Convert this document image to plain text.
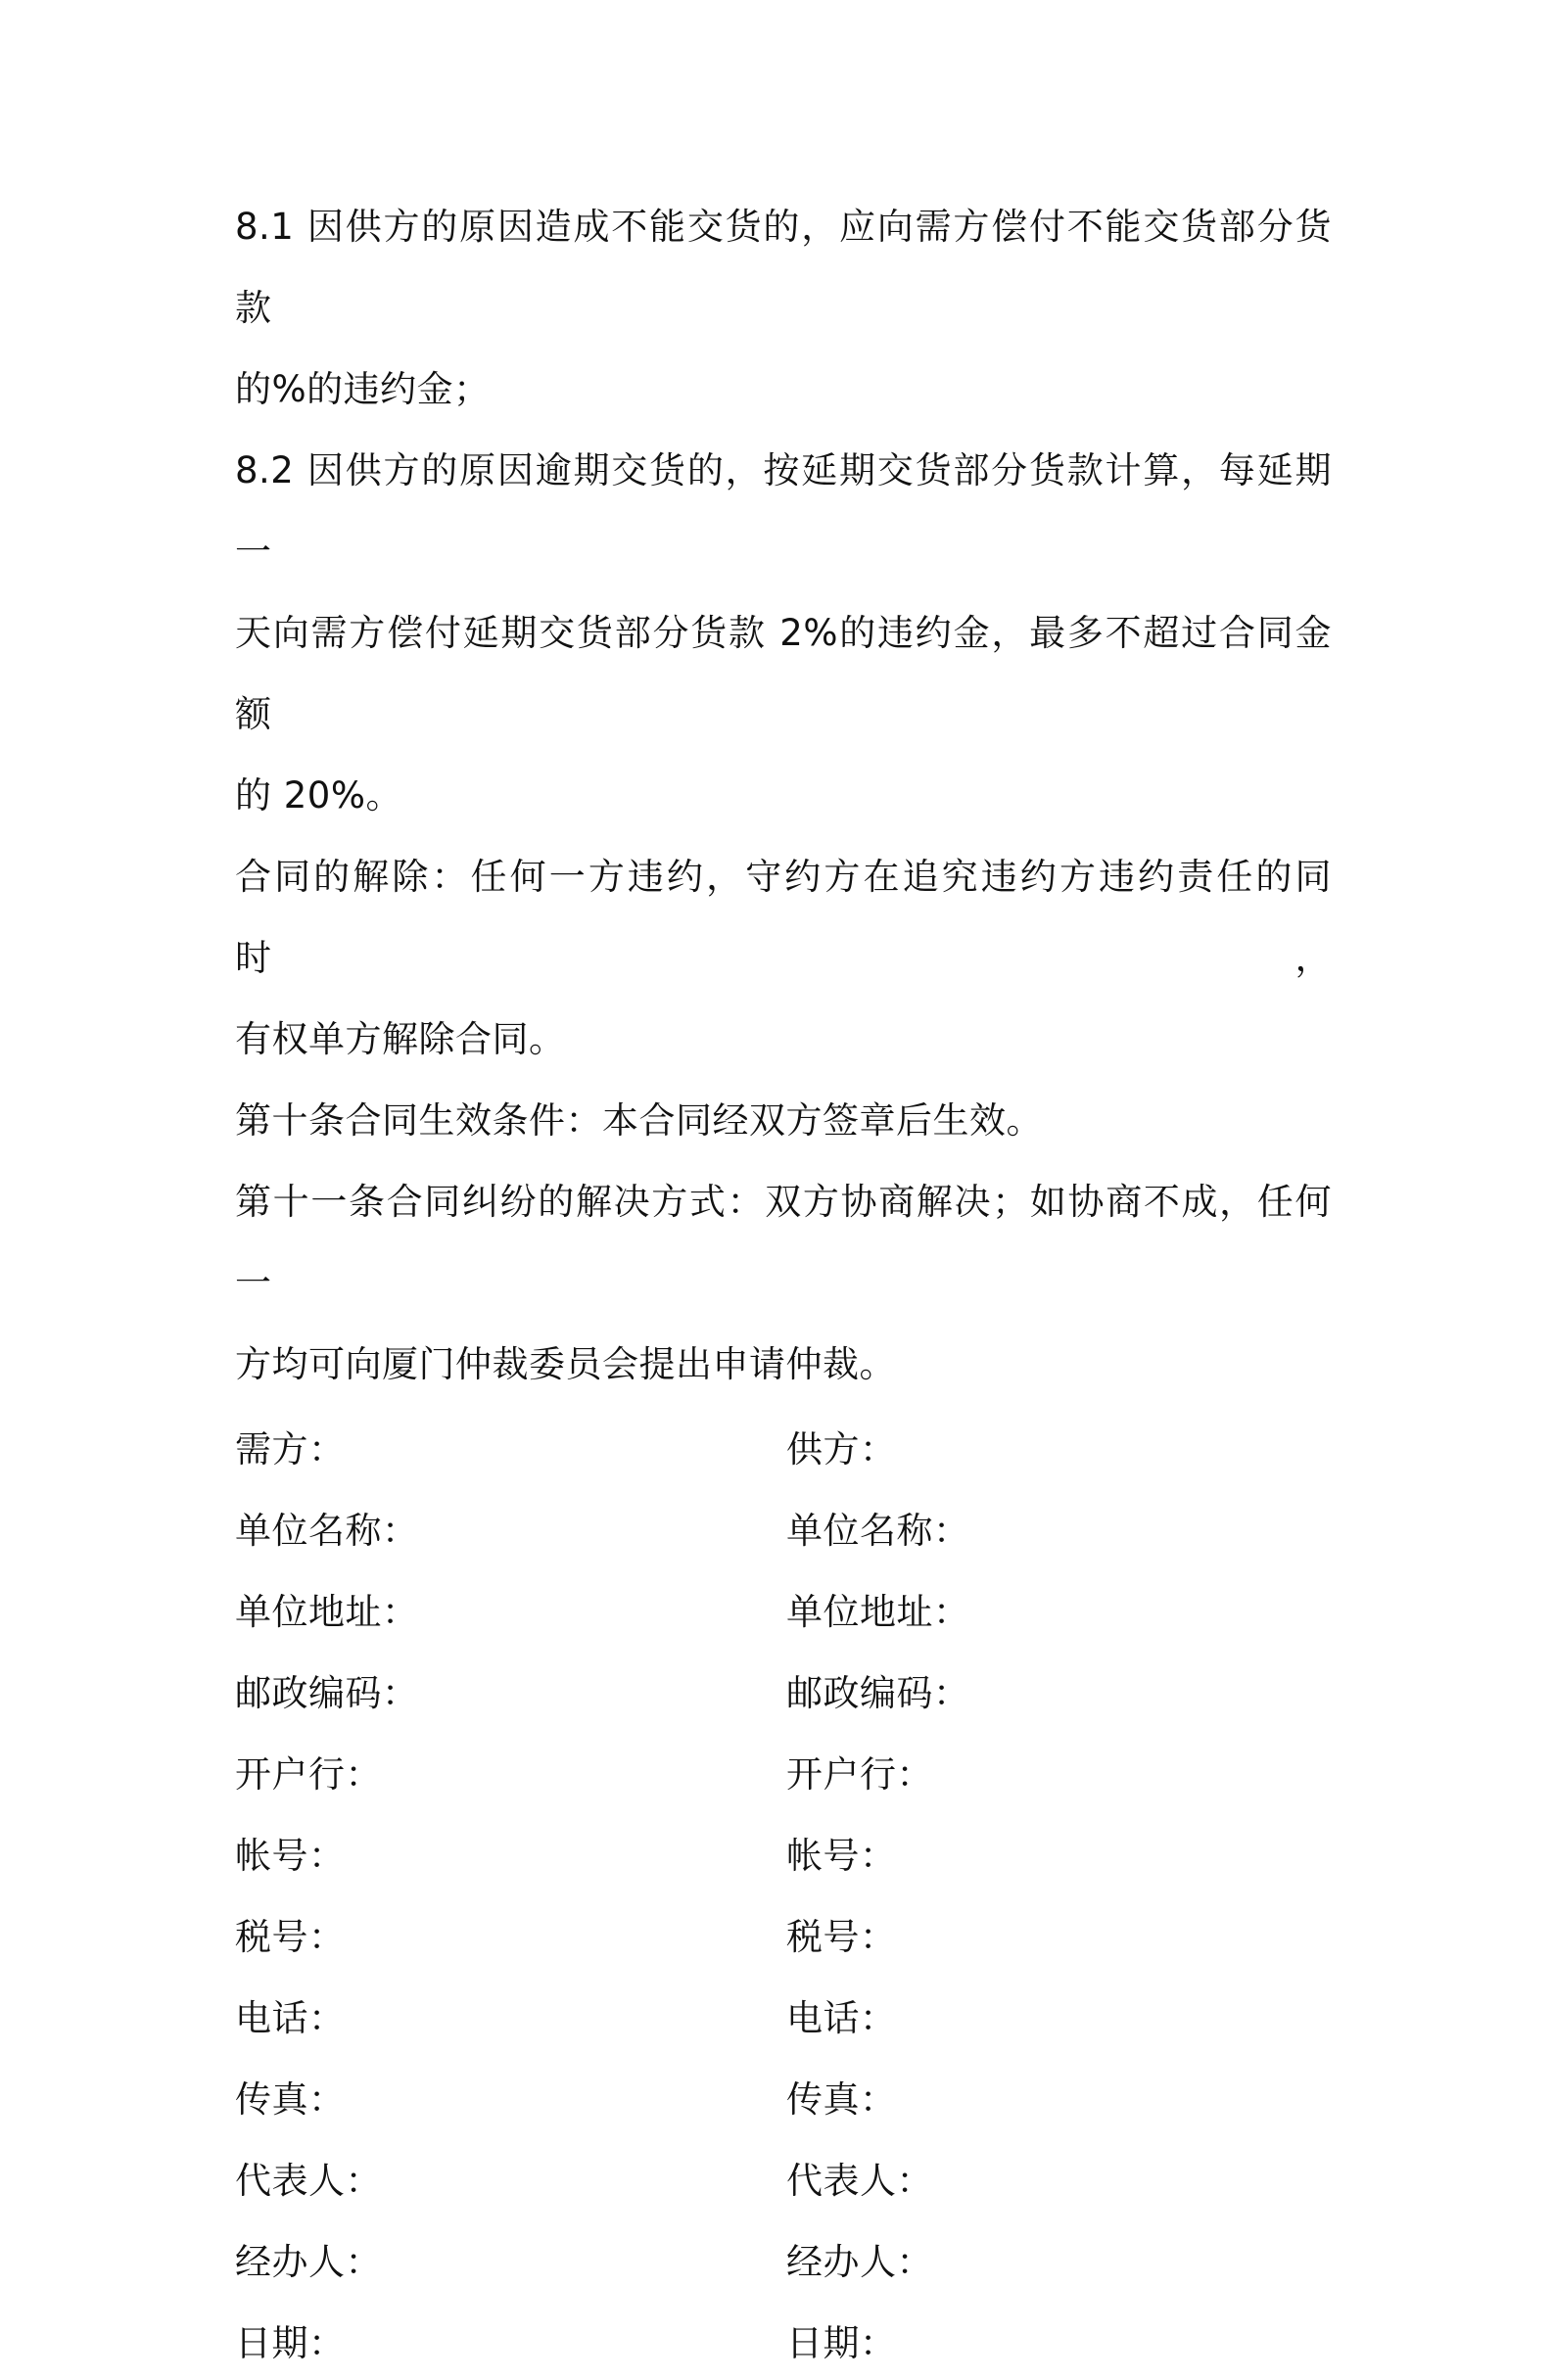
8.1 因供方的原因造成不能交货的，应向需方偿付不能交货部分货款

的%的违约金；

8.2 因供方的原因逾期交货的，按延期交货部分货款计算，每延期一

天向需方偿付延期交货部分货款 2%的违约金，最多不超过合同金额

的 20%。

合同的解除：任何一方违约，守约方在追究违约方违约责任的同时，

有权单方解除合同。

第十条合同生效条件：本合同经双方签章后生效。

第十一条合同纠纷的解决方式：双方协商解决；如协商不成，任何一

方均可向厦门仲裁委员会提出申请仲裁。

需方：	供方：
单位名称：	单位名称：
单位地址：	单位地址：
邮政编码：	邮政编码：
开户行：	开户行：
帐号：	帐号：
税号：	税号：
电话：	电话：
传真：	传真：
代表人：	代表人：
经办人：	经办人：
日期：	日期：
